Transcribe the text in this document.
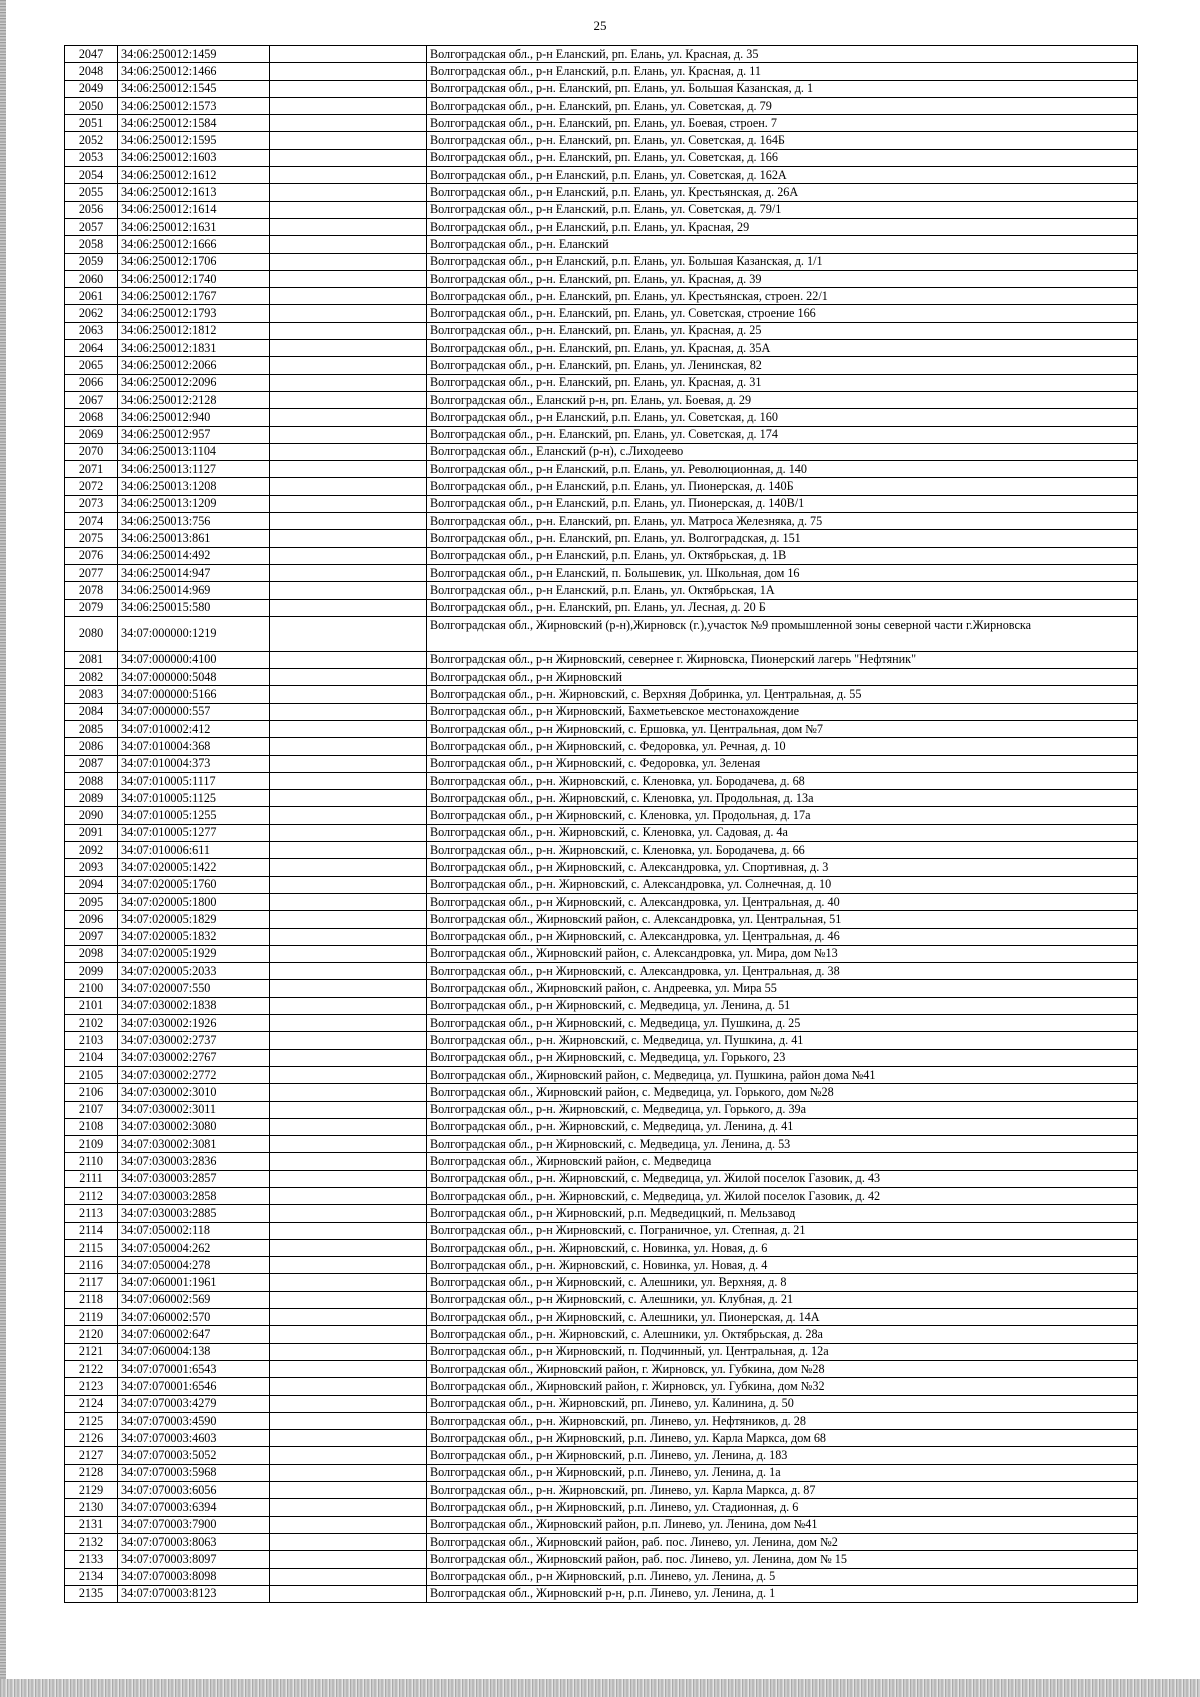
25
2047	34:06:250012:1459		Волгоградская обл., р-н Еланский, рп. Елань, ул. Красная, д. 35
2048	34:06:250012:1466		Волгоградская обл., р-н Еланский, р.п. Елань, ул. Красная, д. 11
2049	34:06:250012:1545		Волгоградская обл., р-н. Еланский, рп. Елань, ул. Большая Казанская, д. 1
2050	34:06:250012:1573		Волгоградская обл., р-н. Еланский, рп. Елань, ул. Советская, д. 79
2051	34:06:250012:1584		Волгоградская обл., р-н. Еланский, рп. Елань, ул. Боевая, строен. 7
2052	34:06:250012:1595		Волгоградская обл., р-н. Еланский, рп. Елань, ул. Советская, д. 164Б
2053	34:06:250012:1603		Волгоградская обл., р-н. Еланский, рп. Елань, ул. Советская, д. 166
2054	34:06:250012:1612		Волгоградская обл., р-н Еланский, р.п. Елань, ул. Советская, д. 162А
2055	34:06:250012:1613		Волгоградская обл., р-н Еланский, р.п. Елань, ул. Крестьянская, д. 26А
2056	34:06:250012:1614		Волгоградская обл., р-н Еланский, р.п. Елань, ул. Советская, д. 79/1
2057	34:06:250012:1631		Волгоградская обл., р-н Еланский, р.п. Елань, ул. Красная, 29
2058	34:06:250012:1666		Волгоградская обл., р-н. Еланский
2059	34:06:250012:1706		Волгоградская обл., р-н Еланский, р.п. Елань, ул. Большая Казанская, д. 1/1
2060	34:06:250012:1740		Волгоградская обл., р-н. Еланский, рп. Елань, ул. Красная, д. 39
2061	34:06:250012:1767		Волгоградская обл., р-н. Еланский, рп. Елань, ул. Крестьянская, строен. 22/1
2062	34:06:250012:1793		Волгоградская обл., р-н. Еланский, рп. Елань, ул. Советская, строение 166
2063	34:06:250012:1812		Волгоградская обл., р-н. Еланский, рп. Елань, ул. Красная, д. 25
2064	34:06:250012:1831		Волгоградская обл., р-н. Еланский, рп. Елань, ул. Красная, д. 35А
2065	34:06:250012:2066		Волгоградская обл., р-н. Еланский, рп. Елань, ул. Ленинская, 82
2066	34:06:250012:2096		Волгоградская обл., р-н. Еланский, рп. Елань, ул. Красная, д. 31
2067	34:06:250012:2128		Волгоградская обл., Еланский р-н, рп. Елань, ул. Боевая, д. 29
2068	34:06:250012:940		Волгоградская обл., р-н Еланский, р.п. Елань, ул. Советская, д. 160
2069	34:06:250012:957		Волгоградская обл., р-н. Еланский, рп. Елань, ул. Советская, д. 174
2070	34:06:250013:1104		Волгоградская обл., Еланский (р-н), с.Лиходеево
2071	34:06:250013:1127		Волгоградская обл., р-н Еланский, р.п. Елань, ул. Революционная, д. 140
2072	34:06:250013:1208		Волгоградская обл., р-н Еланский, р.п. Елань, ул. Пионерская, д. 140Б
2073	34:06:250013:1209		Волгоградская обл., р-н Еланский, р.п. Елань, ул. Пионерская, д. 140В/1
2074	34:06:250013:756		Волгоградская обл., р-н. Еланский, рп. Елань, ул. Матроса Железняка, д. 75
2075	34:06:250013:861		Волгоградская обл., р-н. Еланский, рп. Елань, ул. Волгоградская, д. 151
2076	34:06:250014:492		Волгоградская обл., р-н Еланский, р.п. Елань, ул. Октябрьская, д. 1В
2077	34:06:250014:947		Волгоградская обл., р-н Еланский, п. Большевик, ул. Школьная, дом 16
2078	34:06:250014:969		Волгоградская обл., р-н Еланский, р.п. Елань, ул. Октябрьская, 1А
2079	34:06:250015:580		Волгоградская обл., р-н. Еланский, рп. Елань, ул. Лесная, д. 20 Б
2080	34:07:000000:1219		Волгоградская обл., Жирновский (р-н),Жирновск (г.),участок №9 промышленной зоны северной части г.Жирновска
2081	34:07:000000:4100		Волгоградская обл., р-н Жирновский, севернее г. Жирновска, Пионерский лагерь "Нефтяник"
2082	34:07:000000:5048		Волгоградская обл., р-н Жирновский
2083	34:07:000000:5166		Волгоградская обл., р-н. Жирновский, с. Верхняя Добринка, ул. Центральная, д. 55
2084	34:07:000000:557		Волгоградская обл., р-н Жирновский, Бахметьевское местонахождение
2085	34:07:010002:412		Волгоградская обл., р-н Жирновский, с. Ершовка, ул. Центральная, дом №7
2086	34:07:010004:368		Волгоградская обл., р-н Жирновский, с. Федоровка, ул. Речная, д. 10
2087	34:07:010004:373		Волгоградская обл., р-н Жирновский, с. Федоровка, ул. Зеленая
2088	34:07:010005:1117		Волгоградская обл., р-н. Жирновский, с. Кленовка, ул. Бородачева, д. 68
2089	34:07:010005:1125		Волгоградская обл., р-н. Жирновский, с. Кленовка, ул. Продольная, д. 13а
2090	34:07:010005:1255		Волгоградская обл., р-н Жирновский, с. Кленовка, ул. Продольная, д. 17а
2091	34:07:010005:1277		Волгоградская обл., р-н. Жирновский, с. Кленовка, ул. Садовая, д. 4а
2092	34:07:010006:611		Волгоградская обл., р-н. Жирновский, с. Кленовка, ул. Бородачева, д. 66
2093	34:07:020005:1422		Волгоградская обл., р-н Жирновский, с. Александровка, ул. Спортивная, д. 3
2094	34:07:020005:1760		Волгоградская обл., р-н. Жирновский, с. Александровка, ул. Солнечная, д. 10
2095	34:07:020005:1800		Волгоградская обл., р-н Жирновский, с. Александровка, ул. Центральная, д. 40
2096	34:07:020005:1829		Волгоградская обл., Жирновский район, с. Александровка, ул. Центральная, 51
2097	34:07:020005:1832		Волгоградская обл., р-н Жирновский, с. Александровка, ул. Центральная, д. 46
2098	34:07:020005:1929		Волгоградская обл., Жирновский район, с. Александровка, ул. Мира, дом №13
2099	34:07:020005:2033		Волгоградская обл., р-н Жирновский, с. Александровка, ул. Центральная, д. 38
2100	34:07:020007:550		Волгоградская обл., Жирновский район, с. Андреевка, ул. Мира 55
2101	34:07:030002:1838		Волгоградская обл., р-н Жирновский, с. Медведица, ул. Ленина, д. 51
2102	34:07:030002:1926		Волгоградская обл., р-н Жирновский, с. Медведица, ул. Пушкина, д. 25
2103	34:07:030002:2737		Волгоградская обл., р-н. Жирновский, с. Медведица, ул. Пушкина, д. 41
2104	34:07:030002:2767		Волгоградская обл., р-н Жирновский, с. Медведица, ул. Горького, 23
2105	34:07:030002:2772		Волгоградская обл., Жирновский район, с. Медведица, ул. Пушкина, район дома №41
2106	34:07:030002:3010		Волгоградская обл., Жирновский район, с. Медведица, ул. Горького, дом №28
2107	34:07:030002:3011		Волгоградская обл., р-н. Жирновский, с. Медведица, ул. Горького, д. 39а
2108	34:07:030002:3080		Волгоградская обл., р-н. Жирновский, с. Медведица, ул. Ленина, д. 41
2109	34:07:030002:3081		Волгоградская обл., р-н Жирновский, с. Медведица, ул. Ленина, д. 53
2110	34:07:030003:2836		Волгоградская обл., Жирновский район, с. Медведица
2111	34:07:030003:2857		Волгоградская обл., р-н. Жирновский, с. Медведица, ул. Жилой поселок Газовик, д. 43
2112	34:07:030003:2858		Волгоградская обл., р-н. Жирновский, с. Медведица, ул. Жилой поселок Газовик, д. 42
2113	34:07:030003:2885		Волгоградская обл., р-н Жирновский, р.п. Медведицкий, п. Мельзавод
2114	34:07:050002:118		Волгоградская обл., р-н Жирновский, с. Пограничное, ул. Степная, д. 21
2115	34:07:050004:262		Волгоградская обл., р-н. Жирновский, с. Новинка, ул. Новая, д. 6
2116	34:07:050004:278		Волгоградская обл., р-н. Жирновский, с. Новинка, ул. Новая, д. 4
2117	34:07:060001:1961		Волгоградская обл., р-н Жирновский, с. Алешники, ул. Верхняя, д. 8
2118	34:07:060002:569		Волгоградская обл., р-н Жирновский, с. Алешники, ул. Клубная, д. 21
2119	34:07:060002:570		Волгоградская обл., р-н Жирновский, с. Алешники, ул. Пионерская, д. 14А
2120	34:07:060002:647		Волгоградская обл., р-н. Жирновский, с. Алешники, ул. Октябрьская, д. 28а
2121	34:07:060004:138		Волгоградская обл., р-н Жирновский, п. Подчинный, ул. Центральная, д. 12а
2122	34:07:070001:6543		Волгоградская обл., Жирновский район, г. Жирновск, ул. Губкина, дом №28
2123	34:07:070001:6546		Волгоградская обл., Жирновский район, г. Жирновск, ул. Губкина, дом №32
2124	34:07:070003:4279		Волгоградская обл., р-н. Жирновский, рп. Линево, ул. Калинина, д. 50
2125	34:07:070003:4590		Волгоградская обл., р-н. Жирновский, рп. Линево, ул. Нефтяников, д. 28
2126	34:07:070003:4603		Волгоградская обл., р-н Жирновский, р.п. Линево, ул. Карла Маркса, дом 68
2127	34:07:070003:5052		Волгоградская обл., р-н Жирновский, р.п. Линево, ул. Ленина, д. 183
2128	34:07:070003:5968		Волгоградская обл., р-н Жирновский, р.п. Линево, ул. Ленина, д. 1а
2129	34:07:070003:6056		Волгоградская обл., р-н. Жирновский, рп. Линево, ул. Карла Маркса, д. 87
2130	34:07:070003:6394		Волгоградская обл., р-н Жирновский, р.п. Линево, ул. Стадионная, д. 6
2131	34:07:070003:7900		Волгоградская обл., Жирновский район, р.п. Линево, ул. Ленина, дом №41
2132	34:07:070003:8063		Волгоградская обл., Жирновский район, раб. пос. Линево, ул. Ленина, дом №2
2133	34:07:070003:8097		Волгоградская обл., Жирновский район, раб. пос. Линево, ул. Ленина, дом № 15
2134	34:07:070003:8098		Волгоградская обл., р-н Жирновский, р.п. Линево, ул. Ленина, д. 5
2135	34:07:070003:8123		Волгоградская обл., Жирновский р-н, р.п. Линево, ул. Ленина, д. 1
